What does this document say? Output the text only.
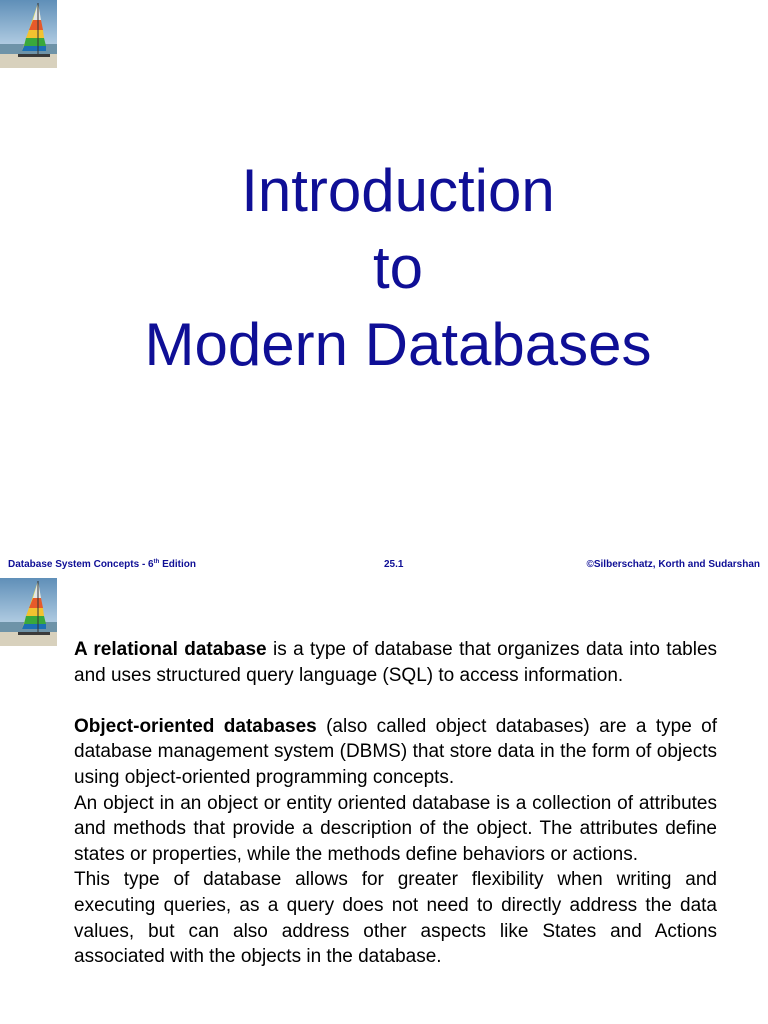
Introduction
to
Modern Databases
Database System Concepts - 6th Edition	25.1	©Silberschatz, Korth and Sudarshan

A relational database is a type of database that organizes data into tables and uses structured query language (SQL) to access information.

Object-oriented databases (also called object databases) are a type of database management system (DBMS) that store data in the form of objects using object-oriented programming concepts.

An object in an object or entity oriented database is a collection of attributes and methods that provide a description of the object. The attributes define states or properties, while the methods define behaviors or actions.

This type of database allows for greater flexibility when writing and executing queries, as a query does not need to directly address the data values, but can also address other aspects like States and Actions associated with the objects in the database.
